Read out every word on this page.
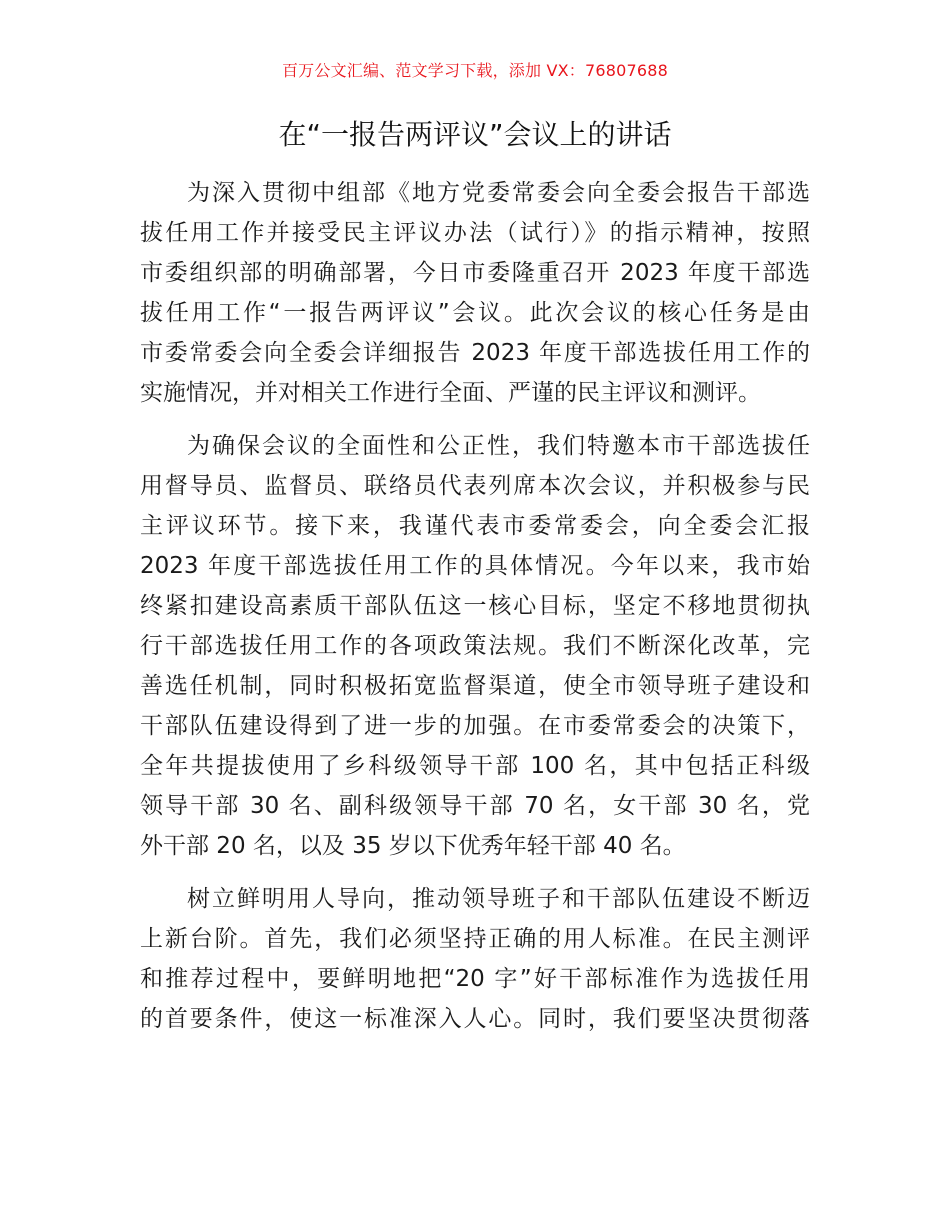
百万公文汇编、范文学习下载，添加 VX：76807688
在“一报告两评议”会议上的讲话
为深入贯彻中组部《地方党委常委会向全委会报告干部选
拔任用工作并接受民主评议办法（试行）》的指示精神，按照
市委组织部的明确部署，今日市委隆重召开 2023 年度干部选
拔任用工作“一报告两评议”会议。此次会议的核心任务是由
市委常委会向全委会详细报告 2023 年度干部选拔任用工作的
实施情况，并对相关工作进行全面、严谨的民主评议和测评。
为确保会议的全面性和公正性，我们特邀本市干部选拔任
用督导员、监督员、联络员代表列席本次会议，并积极参与民
主评议环节。接下来，我谨代表市委常委会，向全委会汇报
2023 年度干部选拔任用工作的具体情况。今年以来，我市始
终紧扣建设高素质干部队伍这一核心目标，坚定不移地贯彻执
行干部选拔任用工作的各项政策法规。我们不断深化改革，完
善选任机制，同时积极拓宽监督渠道，使全市领导班子建设和
干部队伍建设得到了进一步的加强。在市委常委会的决策下，
全年共提拔使用了乡科级领导干部 100 名，其中包括正科级
领导干部 30 名、副科级领导干部 70 名，女干部 30 名，党
外干部 20 名，以及 35 岁以下优秀年轻干部 40 名。
树立鲜明用人导向，推动领导班子和干部队伍建设不断迈
上新台阶。首先，我们必须坚持正确的用人标准。在民主测评
和推荐过程中，要鲜明地把“20 字”好干部标准作为选拔任用
的首要条件，使这一标准深入人心。同时，我们要坚决贯彻落
